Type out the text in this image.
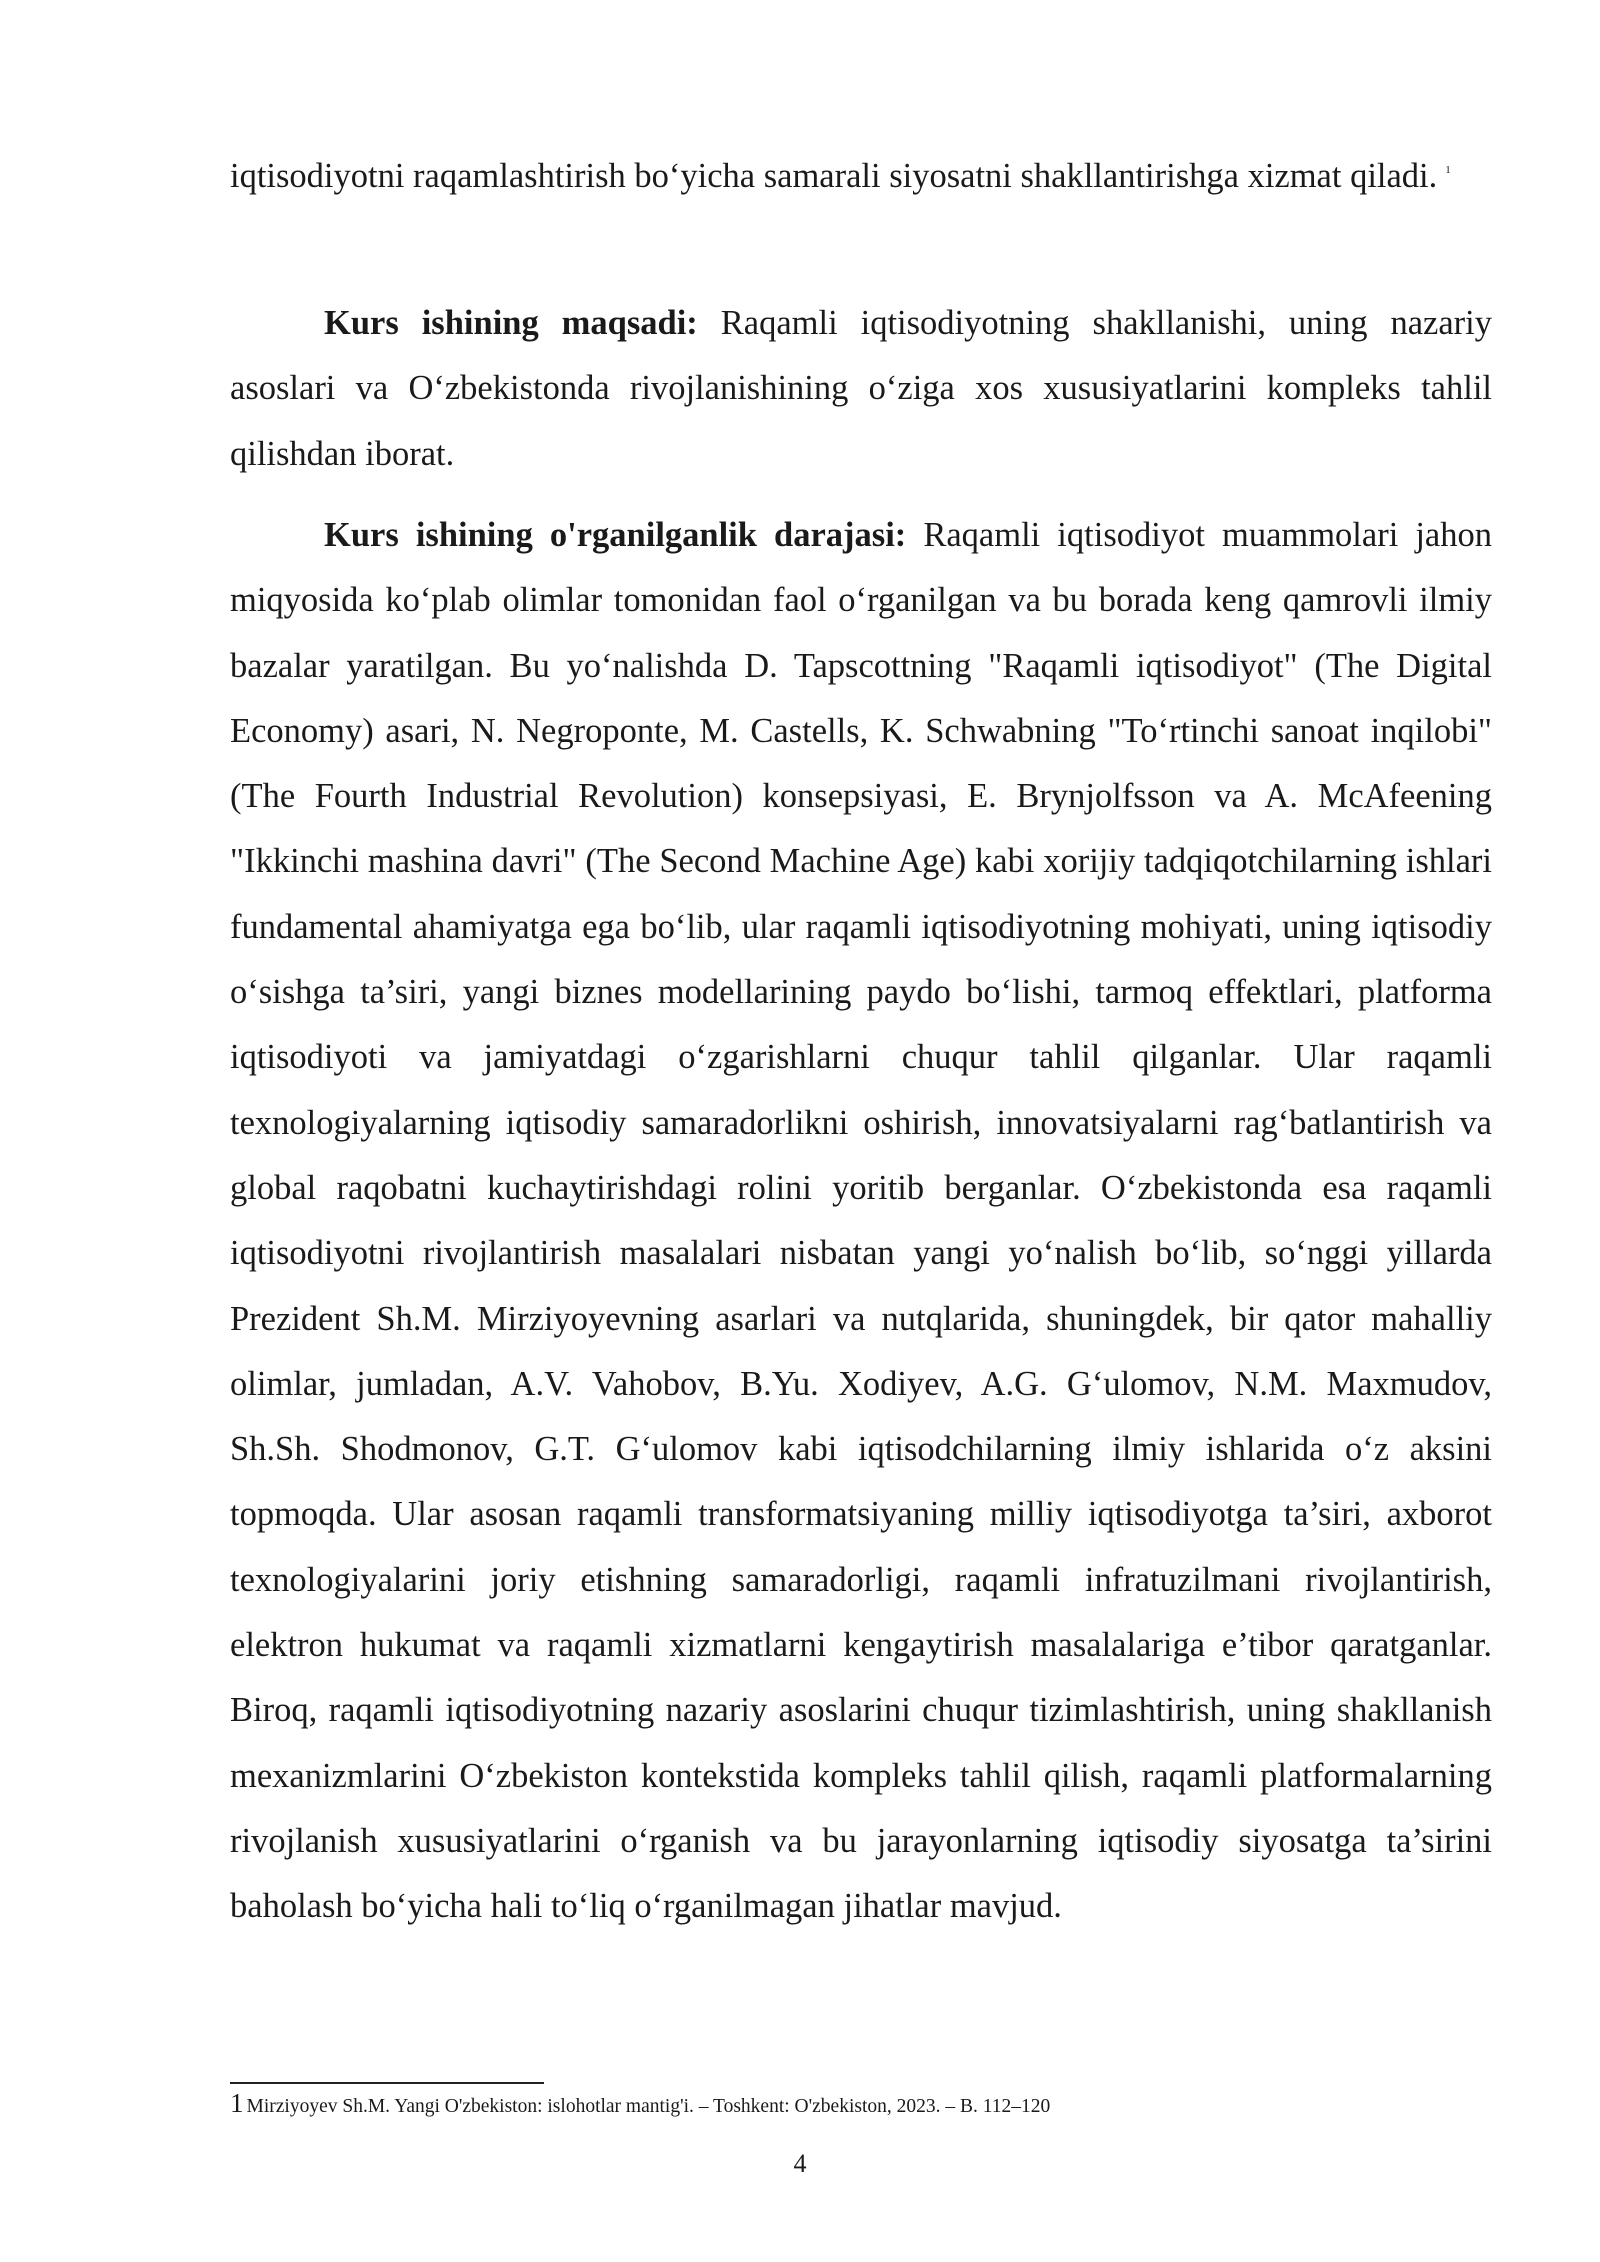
iqtisodiyotni raqamlashtirish bo‘yicha samarali siyosatni shakllantirishga xizmat qiladi. $^1$

Kurs ishining maqsadi: Raqamli iqtisodiyotning shakllanishi, uning nazariy asoslari va O‘zbekistonda rivojlanishining o‘ziga xos xususiyatlarini kompleks tahlil qilishdan iborat.

Kurs ishining o'rganilganlik darajasi: Raqamli iqtisodiyot muammolari jahon miqyosida ko‘plab olimlar tomonidan faol o‘rganilgan va bu borada keng qamrovli ilmiy bazalar yaratilgan. Bu yo‘nalishda D. Tapscottning "Raqamli iqtisodiyot" (The Digital Economy) asari, N. Negroponte, M. Castells, K. Schwabning "To‘rtinchi sanoat inqilobi" (The Fourth Industrial Revolution) konsepsiyasi, E. Brynjolfsson va A. McAfeening "Ikkinchi mashina davri" (The Second Machine Age) kabi xorijiy tadqiqotchilarning ishlari fundamental ahamiyatga ega bo‘lib, ular raqamli iqtisodiyotning mohiyati, uning iqtisodiy o‘sishga ta’siri, yangi biznes modellarining paydo bo‘lishi, tarmoq effektlari, platforma iqtisodiyoti va jamiyatdagi o‘zgarishlarni chuqur tahlil qilganlar. Ular raqamli texnologiyalarning iqtisodiy samaradorlikni oshirish, innovatsiyalarni rag‘batlantirish va global raqobatni kuchaytirishdagi rolini yoritib berganlar. O‘zbekistonda esa raqamli iqtisodiyotni rivojlantirish masalalari nisbatan yangi yo‘nalish bo‘lib, so‘nggi yillarda Prezident Sh.M. Mirziyoyevning asarlari va nutqlarida, shuningdek, bir qator mahalliy olimlar, jumladan, A.V. Vahobov, B.Yu. Xodiyev, A.G. G‘ulomov, N.M. Maxmudov, Sh.Sh. Shodmonov, G.T. G‘ulomov kabi iqtisodchilarning ilmiy ishlarida o‘z aksini topmoqda. Ular asosan raqamli transformatsiyaning milliy iqtisodiyotga ta’siri, axborot texnologiyalarini joriy etishning samaradorligi, raqamli infratuzilmani rivojlantirish, elektron hukumat va raqamli xizmatlarni kengaytirish masalalariga e’tibor qaratganlar. Biroq, raqamli iqtisodiyotning nazariy asoslarini chuqur tizimlashtirish, uning shakllanish mexanizmlarini O‘zbekiston kontekstida kompleks tahlil qilish, raqamli platformalarning rivojlanish xususiyatlarini o‘rganish va bu jarayonlarning iqtisodiy siyosatga ta’sirini baholash bo‘yicha hali to‘liq o‘rganilmagan jihatlar mavjud.

1 Mirziyoyev Sh.M. Yangi O'zbekiston: islohotlar mantig'i. – Toshkent: O'zbekiston, 2023. – B. 112–120
4
